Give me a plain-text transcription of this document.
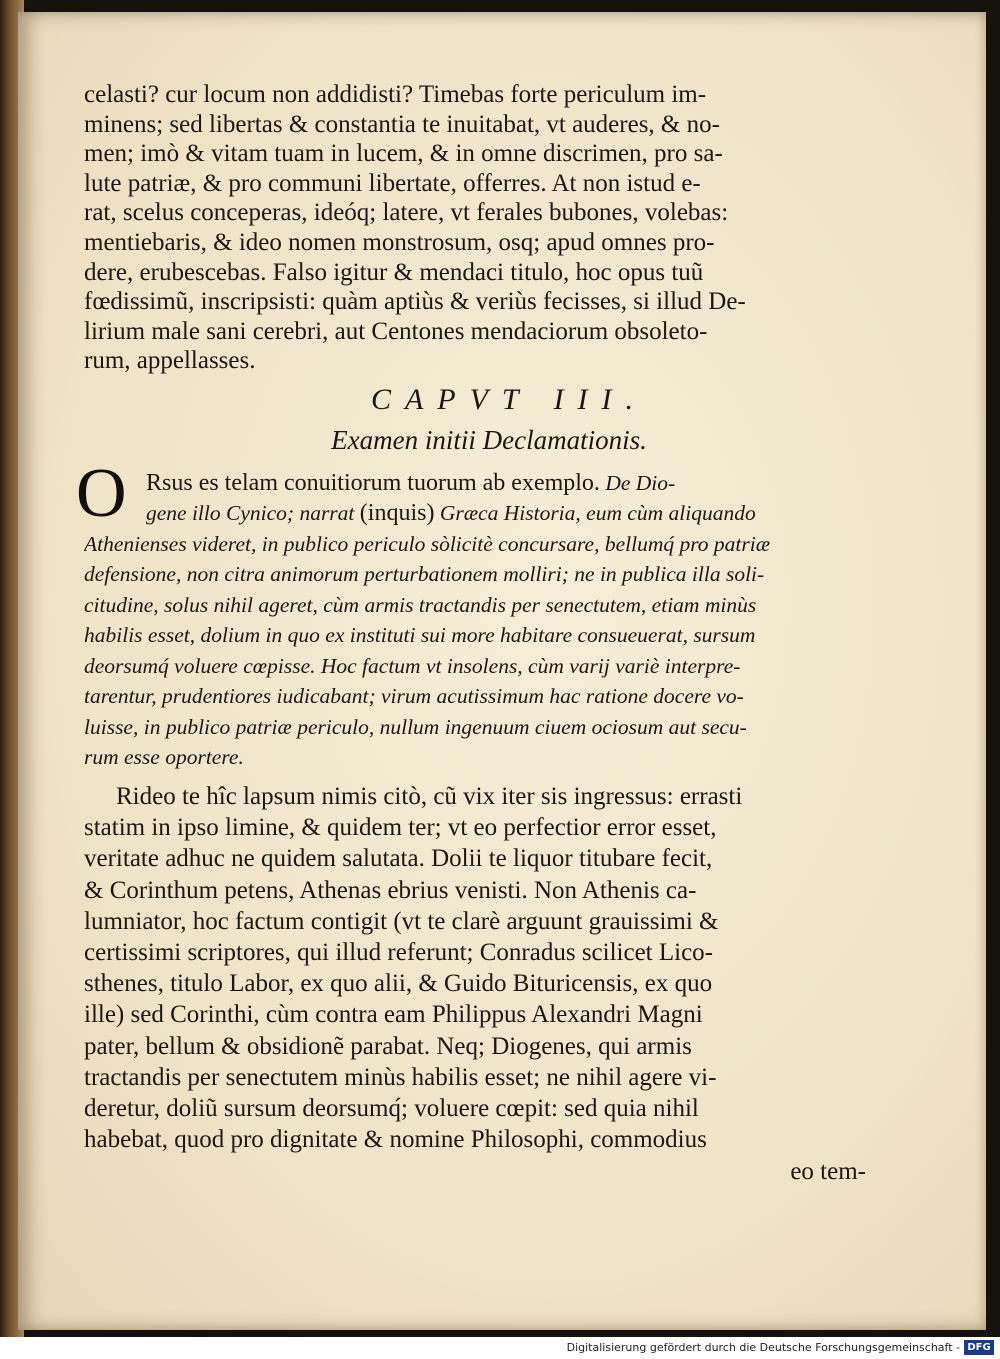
celasti? cur locum non addidisti? Timebas forte periculum im-
minens; sed libertas & constantia te inuitabat, vt auderes, & no-
men; imò & vitam tuam in lucem, & in omne discrimen, pro sa-
lute patriæ, & pro communi libertate, offerres. At non istud e-
rat, scelus conceperas, ideóq; latere, vt ferales bubones, volebas:
mentiebaris, & ideo nomen monstrosum, osq; apud omnes pro-
dere, erubescebas. Falso igitur & mendaci titulo, hoc opus tuũ
fœdissimũ, inscripsisti: quàm aptiùs & veriùs fecisses, si illud De-
lirium male sani cerebri, aut Centones mendaciorum obsoleto-
rum, appellasses.
CAPVT III.
Examen initii Declamationis.
O Rsus es telam conuitiorum tuorum ab exemplo. De Dio-
gene illo Cynico; narrat (inquis) Græca Historia, eum cùm aliquando
Athenienses videret, in publico periculo sòlicitè concursare, bellumq́ pro patriæ
defensione, non citra animorum perturbationem molliri; ne in publica illa soli-
citudine, solus nihil ageret, cùm armis tractandis per senectutem, etiam minùs
habilis esset, dolium in quo ex instituti sui more habitare consueuerat, sursum
deorsumq́ voluere cœpisse. Hoc factum vt insolens, cùm varij variè interpre-
tarentur, prudentiores iudicabant; virum acutissimum hac ratione docere vo-
luisse, in publico patriæ periculo, nullum ingenuum ciuem ociosum aut secu-
rum esse oportere.
Rideo te hîc lapsum nimis citò, cũ vix iter sis ingressus: errasti
statim in ipso limine, & quidem ter; vt eo perfectior error esset,
veritate adhuc ne quidem salutata. Dolii te liquor titubare fecit,
& Corinthum petens, Athenas ebrius venisti. Non Athenis ca-
lumniator, hoc factum contigit (vt te clarè arguunt grauissimi &
certissimi scriptores, qui illud referunt; Conradus scilicet Lico-
sthenes, titulo Labor, ex quo alii, & Guido Bituricensis, ex quo
ille) sed Corinthi, cùm contra eam Philippus Alexandri Magni
pater, bellum & obsidionẽ parabat. Neq; Diogenes, qui armis
tractandis per senectutem minùs habilis esset; ne nihil agere vi-
deretur, doliũ sursum deorsumq́; voluere cœpit: sed quia nihil
habebat, quod pro dignitate & nomine Philosophi, commodius
eo tem-
Digitalisierung gefördert durch die Deutsche Forschungsgemeinschaft - DFG
